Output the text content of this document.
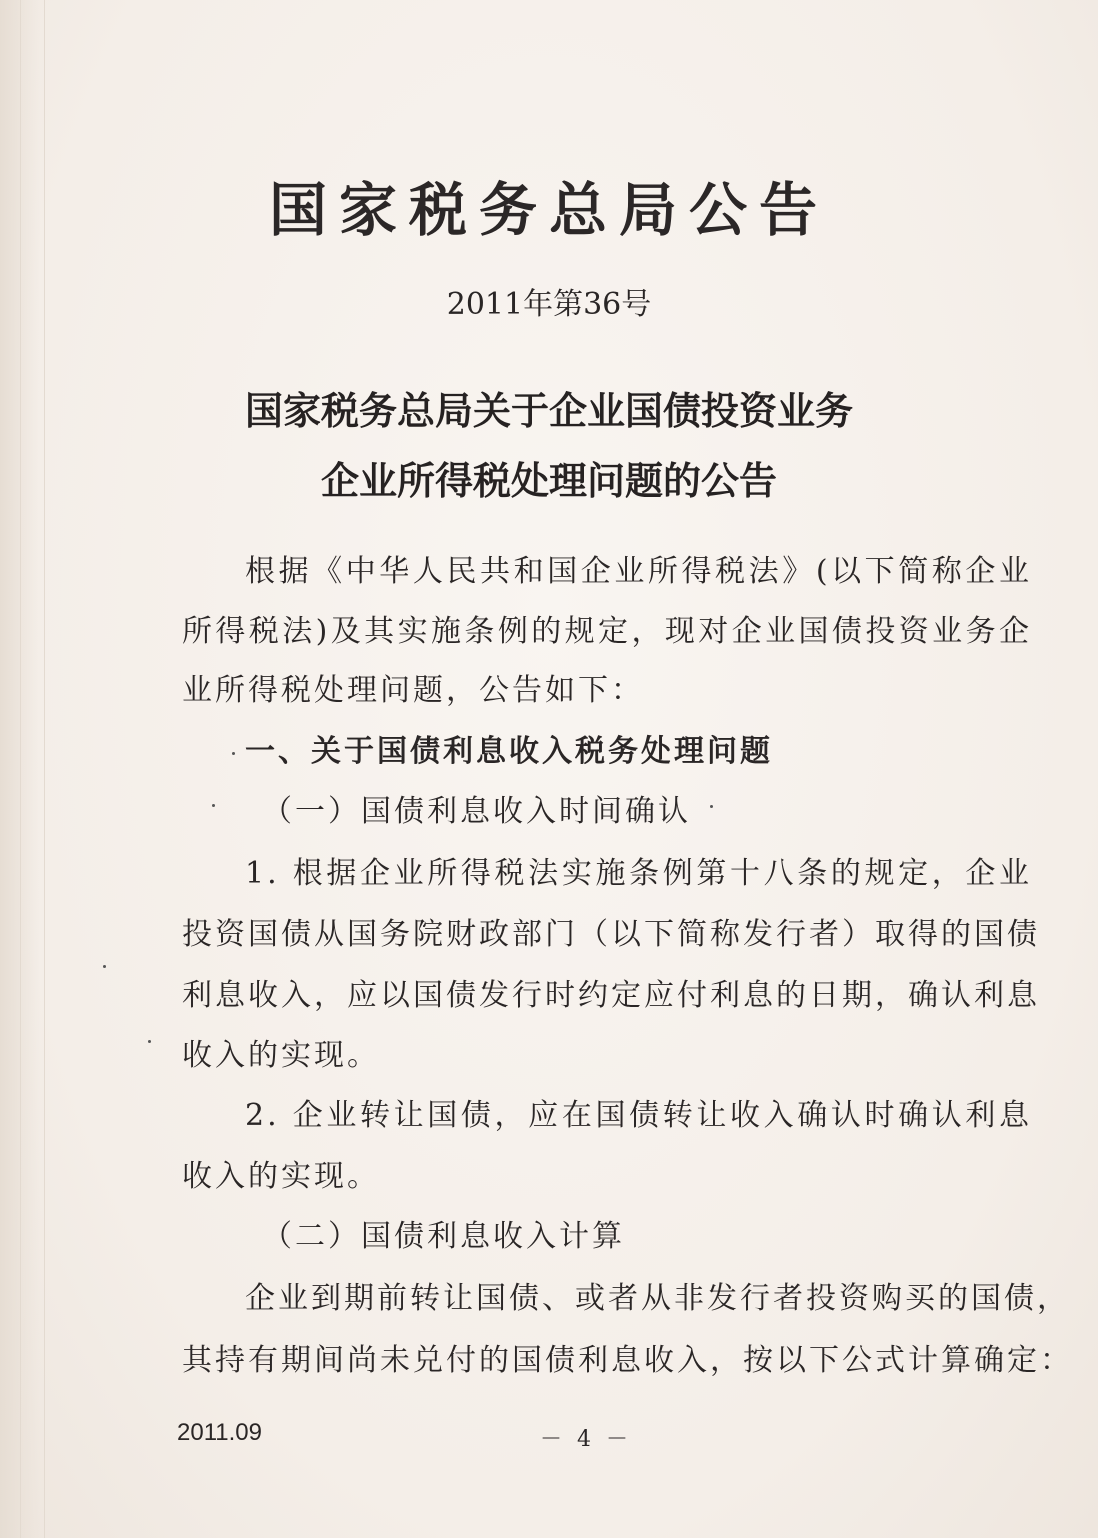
国家税务总局公告
2011年第36号
国家税务总局关于企业国债投资业务
企业所得税处理问题的公告
根据《中华人民共和国企业所得税法》(以下简称企业
所得税法)及其实施条例的规定，现对企业国债投资业务企
业所得税处理问题，公告如下：
一、关于国债利息收入税务处理问题
（一）国债利息收入时间确认
1. 根据企业所得税法实施条例第十八条的规定，企业
投资国债从国务院财政部门（以下简称发行者）取得的国债
利息收入，应以国债发行时约定应付利息的日期，确认利息
收入的实现。
2. 企业转让国债，应在国债转让收入确认时确认利息
收入的实现。
（二）国债利息收入计算
企业到期前转让国债、或者从非发行者投资购买的国债，
其持有期间尚未兑付的国债利息收入，按以下公式计算确定：
2011.09	－ 4 －
